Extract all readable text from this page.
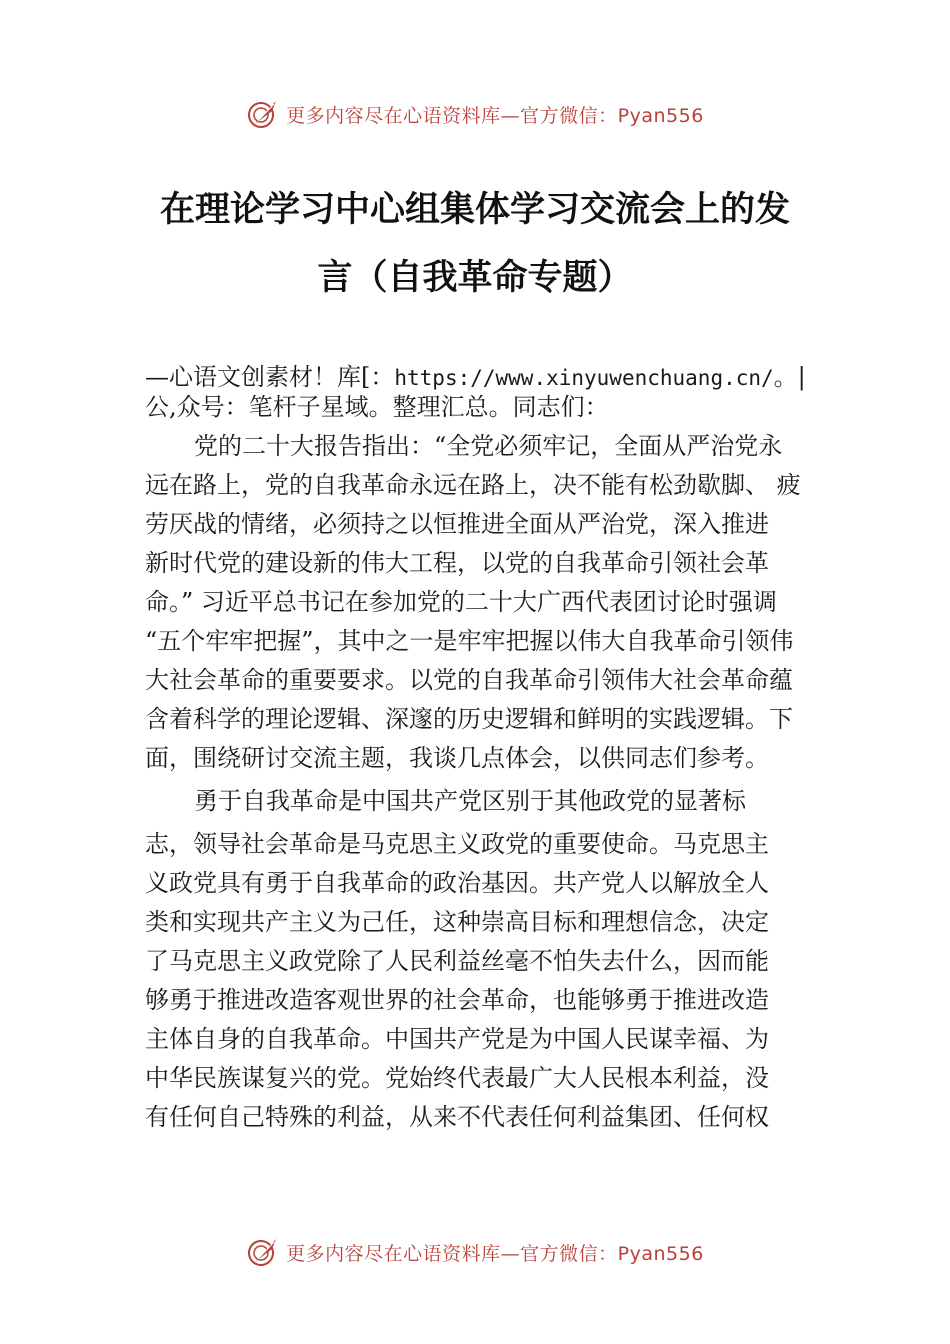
更多内容尽在心语资料库—官方微信：Pyan556
在理论学习中心组集体学习交流会上的发
言（自我革命专题）
—心语文创素材！库[：https://www.xinyuwenchuang.cn/。|
公,众号：笔杆子星域。整理汇总。同志们：
党的二十大报告指出：“全党必须牢记，全面从严治党永
远在路上，党的自我革命永远在路上，决不能有松劲歇脚、 疲
劳厌战的情绪，必须持之以恒推进全面从严治党，深入推进
新时代党的建设新的伟大工程，以党的自我革命引领社会革
命。” 习近平总书记在参加党的二十大广西代表团讨论时强调
“五个牢牢把握”，其中之一是牢牢把握以伟大自我革命引领伟
大社会革命的重要要求。以党的自我革命引领伟大社会革命蕴
含着科学的理论逻辑、深邃的历史逻辑和鲜明的实践逻辑。下
面，围绕研讨交流主题，我谈几点体会，以供同志们参考。
勇于自我革命是中国共产党区别于其他政党的显著标
志，领导社会革命是马克思主义政党的重要使命。马克思主
义政党具有勇于自我革命的政治基因。共产党人以解放全人
类和实现共产主义为己任，这种崇高目标和理想信念，决定
了马克思主义政党除了人民利益丝毫不怕失去什么，因而能
够勇于推进改造客观世界的社会革命，也能够勇于推进改造
主体自身的自我革命。中国共产党是为中国人民谋幸福、为
中华民族谋复兴的党。党始终代表最广大人民根本利益，没
有任何自己特殊的利益，从来不代表任何利益集团、任何权
更多内容尽在心语资料库—官方微信：Pyan556
